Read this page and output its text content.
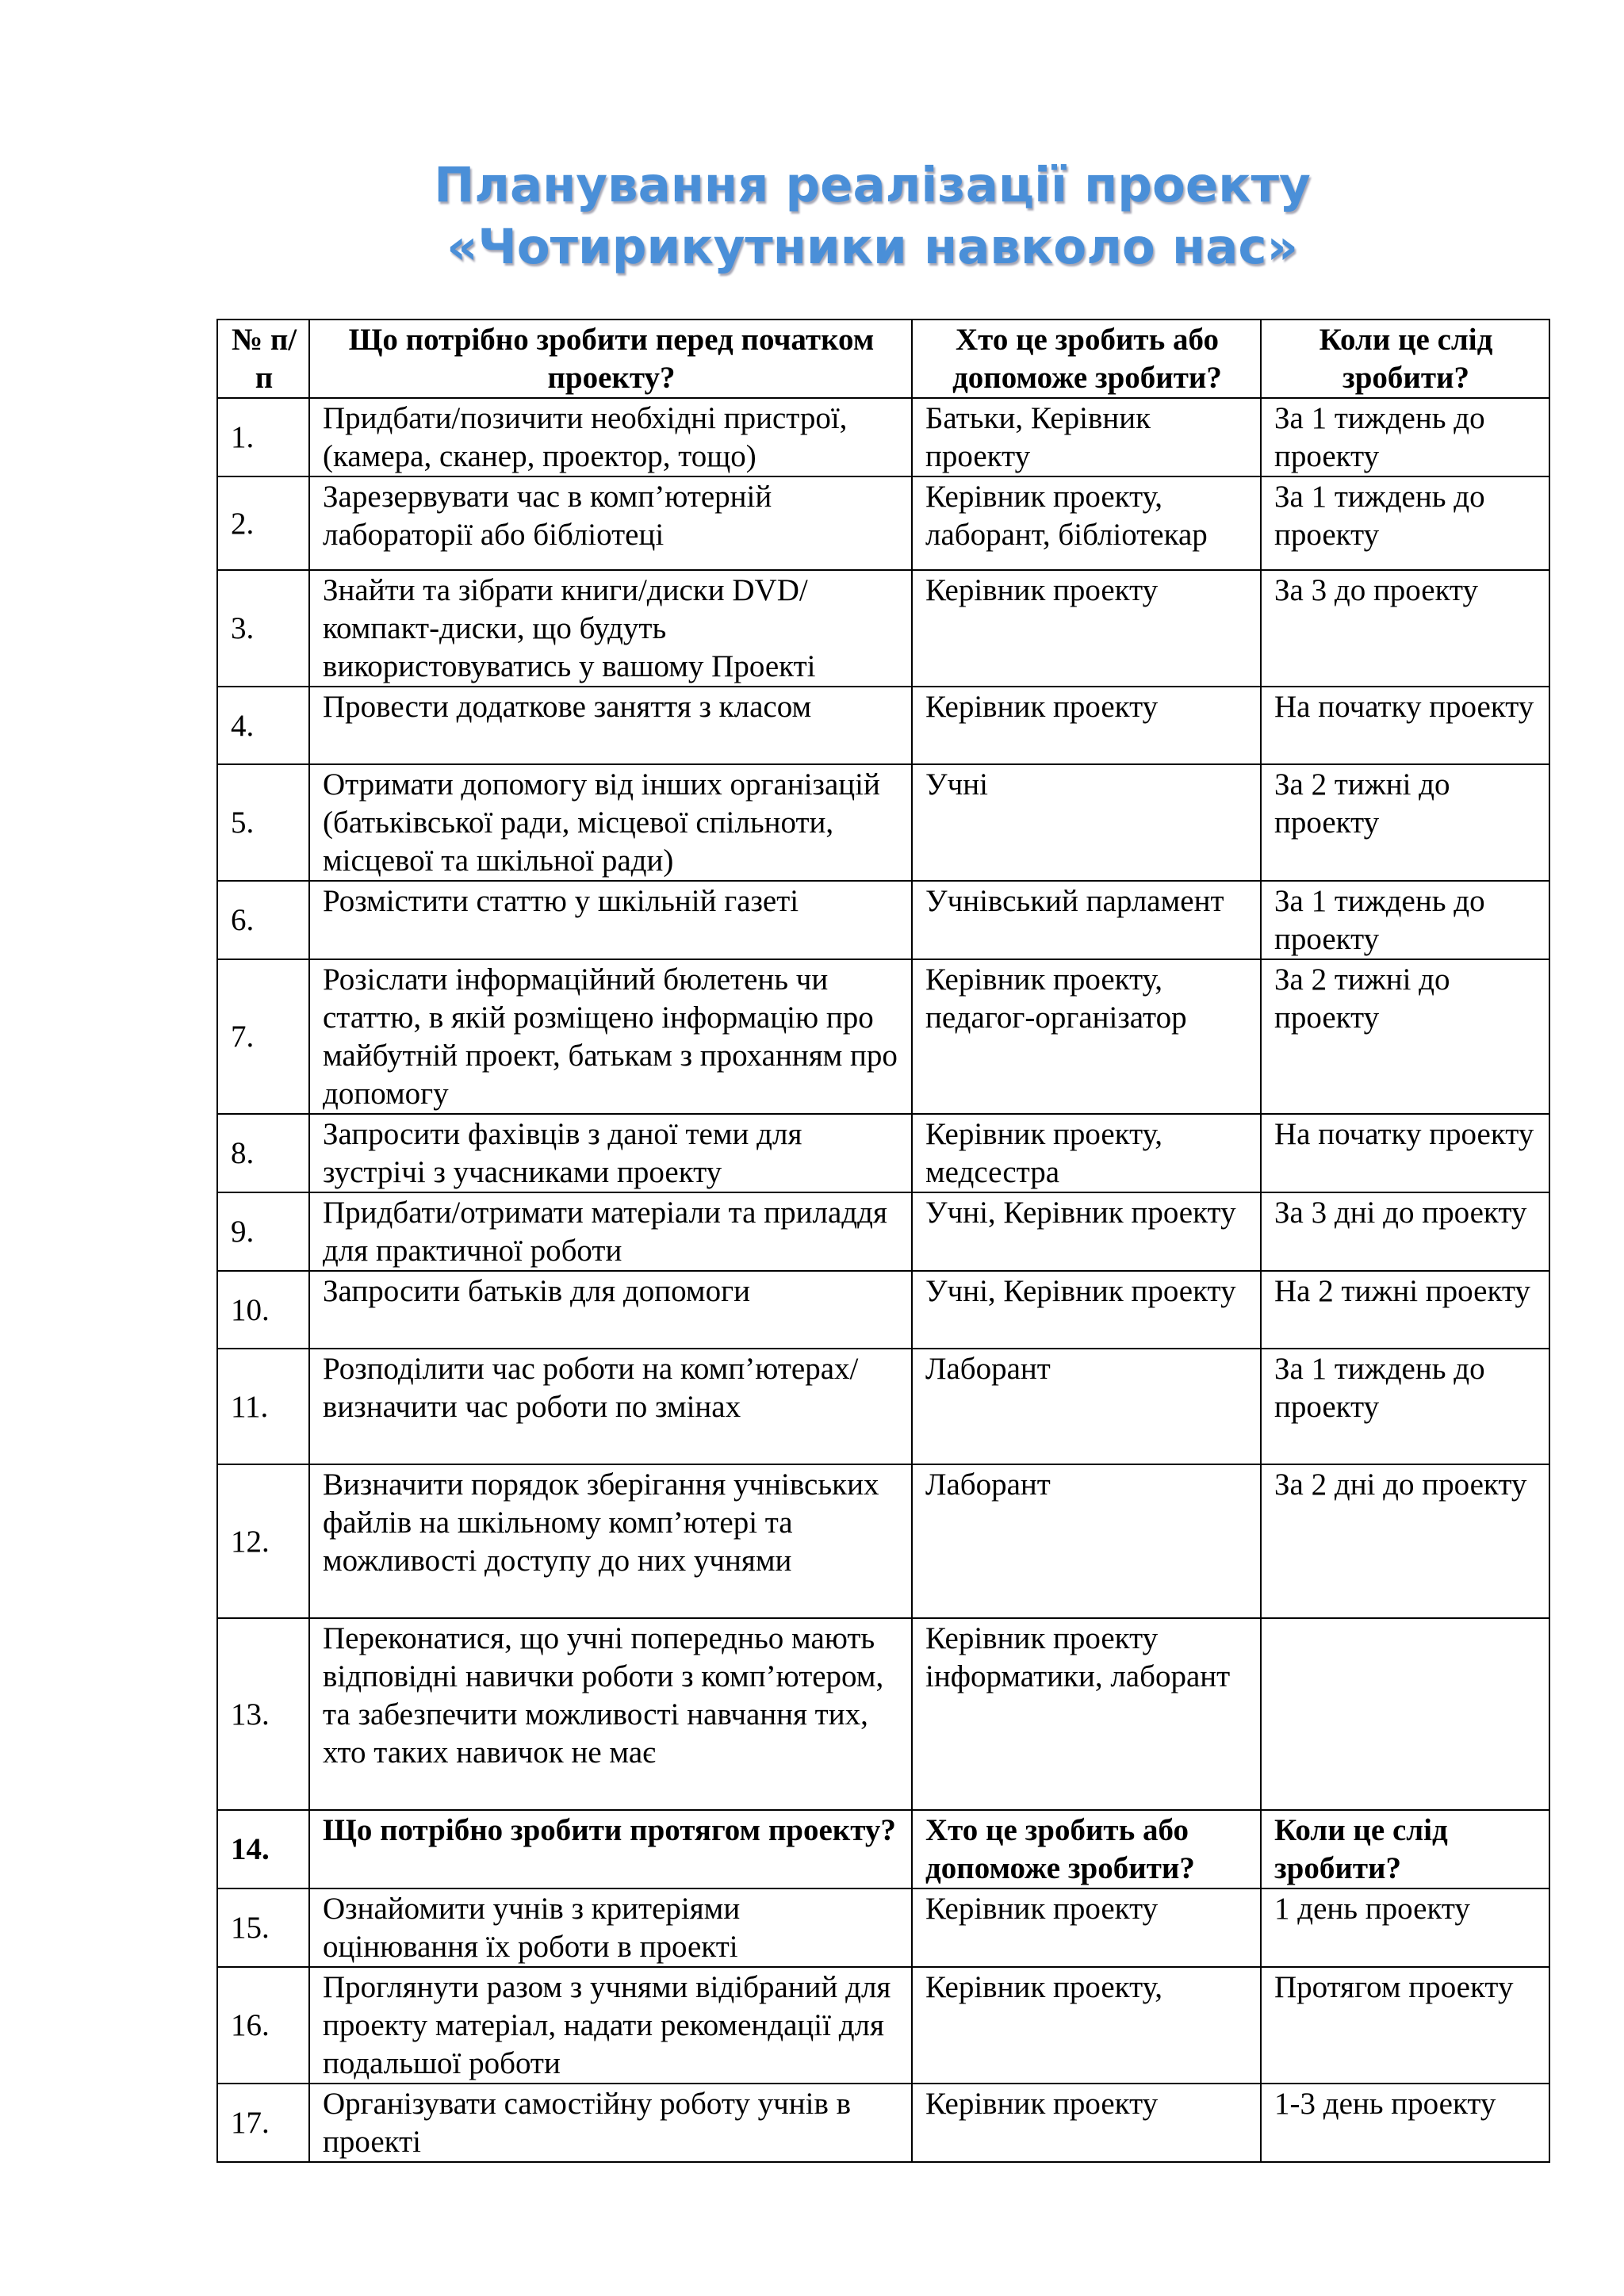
Планування реалізації проекту
«Чотирикутники навколо нас»
№ п/п	Що потрібно зробити перед початком проекту?	Хто це зробить або допоможе зробити?	Коли це слід зробити?
1.	Придбати/позичити необхідні пристрої, (камера, сканер, проектор, тощо)	Батьки, Керівник проекту	За 1 тиждень до проекту
2.	Зарезервувати час в комп’ютерній лабораторії або бібліотеці	Керівник проекту, лаборант, бібліотекар	За 1 тиждень до проекту
3.	Знайти та зібрати книги/диски DVD/компакт-диски, що будуть використовуватись у вашому Проекті	Керівник проекту	За 3 до проекту
4.	Провести додаткове заняття з класом	Керівник проекту	На початку проекту
5.	Отримати допомогу від інших організацій (батьківської ради, місцевої спільноти, місцевої та шкільної ради)	Учні	За 2 тижні до проекту
6.	Розмістити статтю у шкільній газеті	Учнівський парламент	За 1 тиждень до проекту
7.	Розіслати інформаційний бюлетень чи статтю, в якій розміщено інформацію про майбутній проект, батькам з проханням про допомогу	Керівник проекту, педагог-організатор	За 2 тижні до проекту
8.	Запросити фахівців з даної теми для зустрічі з учасниками проекту	Керівник проекту, медсестра	На початку проекту
9.	Придбати/отримати матеріали та приладдя для практичної роботи	Учні, Керівник проекту	За 3 дні до проекту
10.	Запросити батьків для допомоги	Учні, Керівник проекту	На 2 тижні проекту
11.	Розподілити час роботи на комп’ютерах/визначити час роботи по змінах	Лаборант	За 1 тиждень до проекту
12.	Визначити порядок зберігання учнівських файлів на шкільному комп’ютері та можливості доступу до них учнями	Лаборант	За 2 дні до проекту
13.	Переконатися, що учні попередньо мають відповідні навички роботи з комп’ютером, та забезпечити можливості навчання тих, хто таких навичок не має	Керівник проекту інформатики, лаборант	
14.	Що потрібно зробити протягом проекту?	Хто це зробить або допоможе зробити?	Коли це слід зробити?
15.	Ознайомити учнів з критеріями оцінювання їх роботи в проекті	Керівник проекту	1 день проекту
16.	Проглянути разом з учнями відібраний для проекту матеріал, надати рекомендації для подальшої роботи	Керівник проекту,	Протягом проекту
17.	Організувати самостійну роботу учнів в проекті	Керівник проекту	1-3 день проекту
